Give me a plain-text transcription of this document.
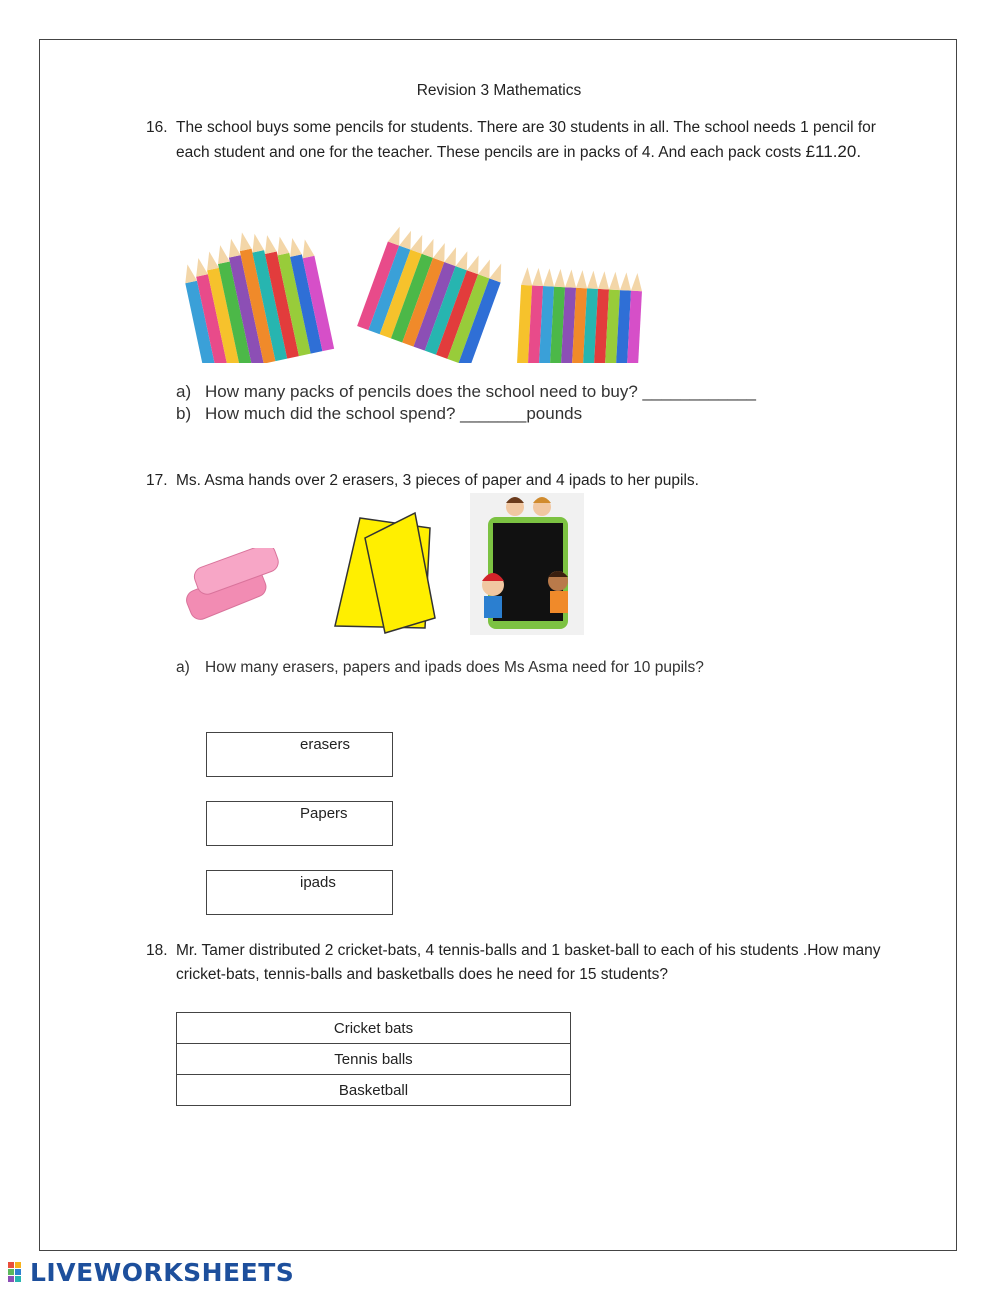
Revision 3 Mathematics
16. The school buys some pencils for students. There are 30 students in all. The school needs 1 pencil for each student and one for the teacher. These pencils are in packs of 4. And each pack costs £11.20.
a) How many packs of pencils does the school need to buy? ____________
b) How much did the school spend? _______pounds
17. Ms. Asma hands over 2 erasers, 3 pieces of paper and 4 ipads to her pupils.
a) How many erasers, papers and ipads does Ms Asma need for 10 pupils?
erasers
Papers
ipads
18. Mr. Tamer distributed 2 cricket-bats, 4 tennis-balls and 1 basket-ball to each of his students .How many cricket-bats, tennis-balls and basketballs does he need for 15 students?
Cricket bats
Tennis balls
Basketball
LIVEWORKSHEETS
